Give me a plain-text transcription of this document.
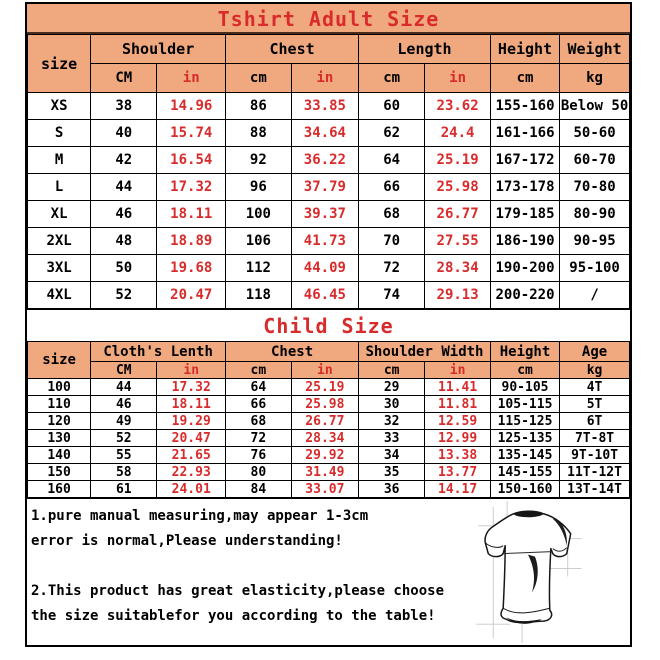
Tshirt Adult Size
size	Shoulder		Chest		Length		Height	Weight
	CM	in	cm	in	cm	in	cm	kg
XS	38	14.96	86	33.85	60	23.62	155-160	Below 50
S	40	15.74	88	34.64	62	24.4	161-166	50-60
M	42	16.54	92	36.22	64	25.19	167-172	60-70
L	44	17.32	96	37.79	66	25.98	173-178	70-80
XL	46	18.11	100	39.37	68	26.77	179-185	80-90
2XL	48	18.89	106	41.73	70	27.55	186-190	90-95
3XL	50	19.68	112	44.09	72	28.34	190-200	95-100
4XL	52	20.47	118	46.45	74	29.13	200-220	/
Child Size
size	Cloth's Lenth		Chest		Shoulder Width		Height	Age
	CM	in	cm	in	cm	in	cm	kg
100	44	17.32	64	25.19	29	11.41	90-105	4T
110	46	18.11	66	25.98	30	11.81	105-115	5T
120	49	19.29	68	26.77	32	12.59	115-125	6T
130	52	20.47	72	28.34	33	12.99	125-135	7T-8T
140	55	21.65	76	29.92	34	13.38	135-145	9T-10T
150	58	22.93	80	31.49	35	13.77	145-155	11T-12T
160	61	24.01	84	33.07	36	14.17	150-160	13T-14T
1.pure manual measuring,may appear 1-3cm
error is normal,Please understanding!
2.This product has great elasticity,please choose
the size suitablefor you according to the table!
